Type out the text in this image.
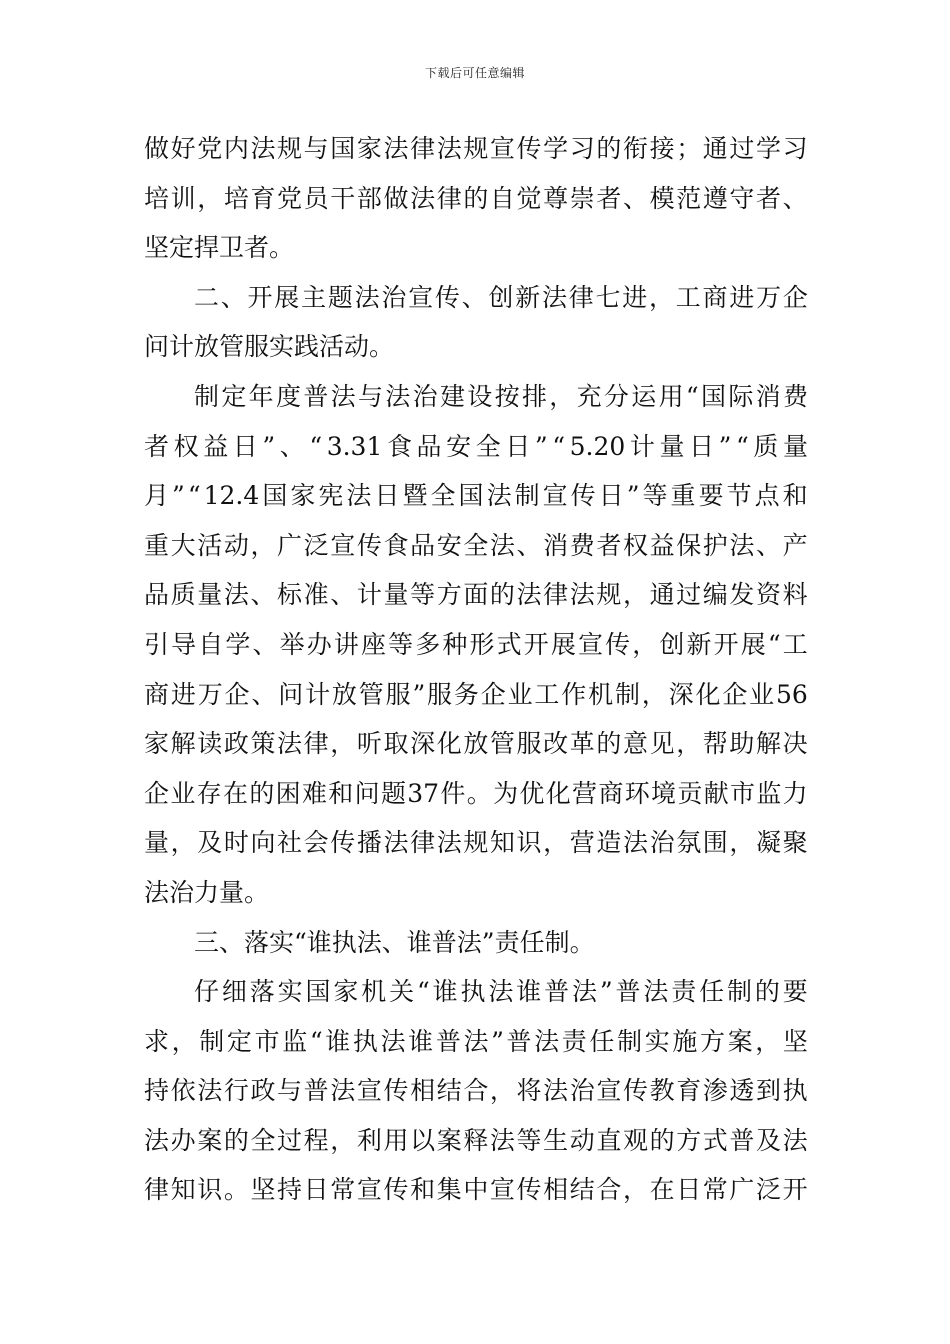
下载后可任意编辑
做 好 党 内 法 规 与 国 家 法 律 法 规 宣 传 学 习 的 衔 接 ； 通 过 学 习
培 训 ， 培 育 党 员 干 部 做 法 律 的 自 觉 尊 崇 者 、 模 范 遵 守 者 、
坚定捍卫者。
二 、 开 展 主 题 法 治 宣 传 、 创 新 法 律 七 进 ， 工 商 进 万 企
问计放管服实践活动。
制 定 年 度 普 法 与 法 治 建 设 按 排 ， 充 分 运 用 “ 国 际 消 费
者 权 益 日 ” 、 “ 3.31 食 品 安 全 日 ” “ 5.20 计 量 日 ” “ 质 量
月 ” “ 12.4 国 家 宪 法 日 暨 全 国 法 制 宣 传 日 ” 等 重 要 节 点 和
重 大 活 动 ， 广 泛 宣 传 食 品 安 全 法 、 消 费 者 权 益 保 护 法 、 产
品 质 量 法 、 标 准 、 计 量 等 方 面 的 法 律 法 规 ， 通 过 编 发 资 料
引 导 自 学 、 举 办 讲 座 等 多 种 形 式 开 展 宣 传 ， 创 新 开 展 “ 工
商 进 万 企 、 问 计 放 管 服 ” 服 务 企 业 工 作 机 制 ， 深 化 企 业 56
家 解 读 政 策 法 律 ， 听 取 深 化 放 管 服 改 革 的 意 见 ， 帮 助 解 决
企 业 存 在 的 困 难 和 问 题 37 件 。 为 优 化 营 商 环 境 贡 献 市 监 力
量 ， 及 时 向 社 会 传 播 法 律 法 规 知 识 ， 营 造 法 治 氛 围 ， 凝 聚
法治力量。
三、落实“谁执法、谁普法”责任制。
仔 细 落 实 国 家 机 关 “ 谁 执 法 谁 普 法 ” 普 法 责 任 制 的 要
求 ， 制 定 市 监 “ 谁 执 法 谁 普 法 ” 普 法 责 任 制 实 施 方 案 ， 坚
持 依 法 行 政 与 普 法 宣 传 相 结 合 ， 将 法 治 宣 传 教 育 渗 透 到 执
法 办 案 的 全 过 程 ， 利 用 以 案 释 法 等 生 动 直 观 的 方 式 普 及 法
律 知 识 。 坚 持 日 常 宣 传 和 集 中 宣 传 相 结 合 ， 在 日 常 广 泛 开
